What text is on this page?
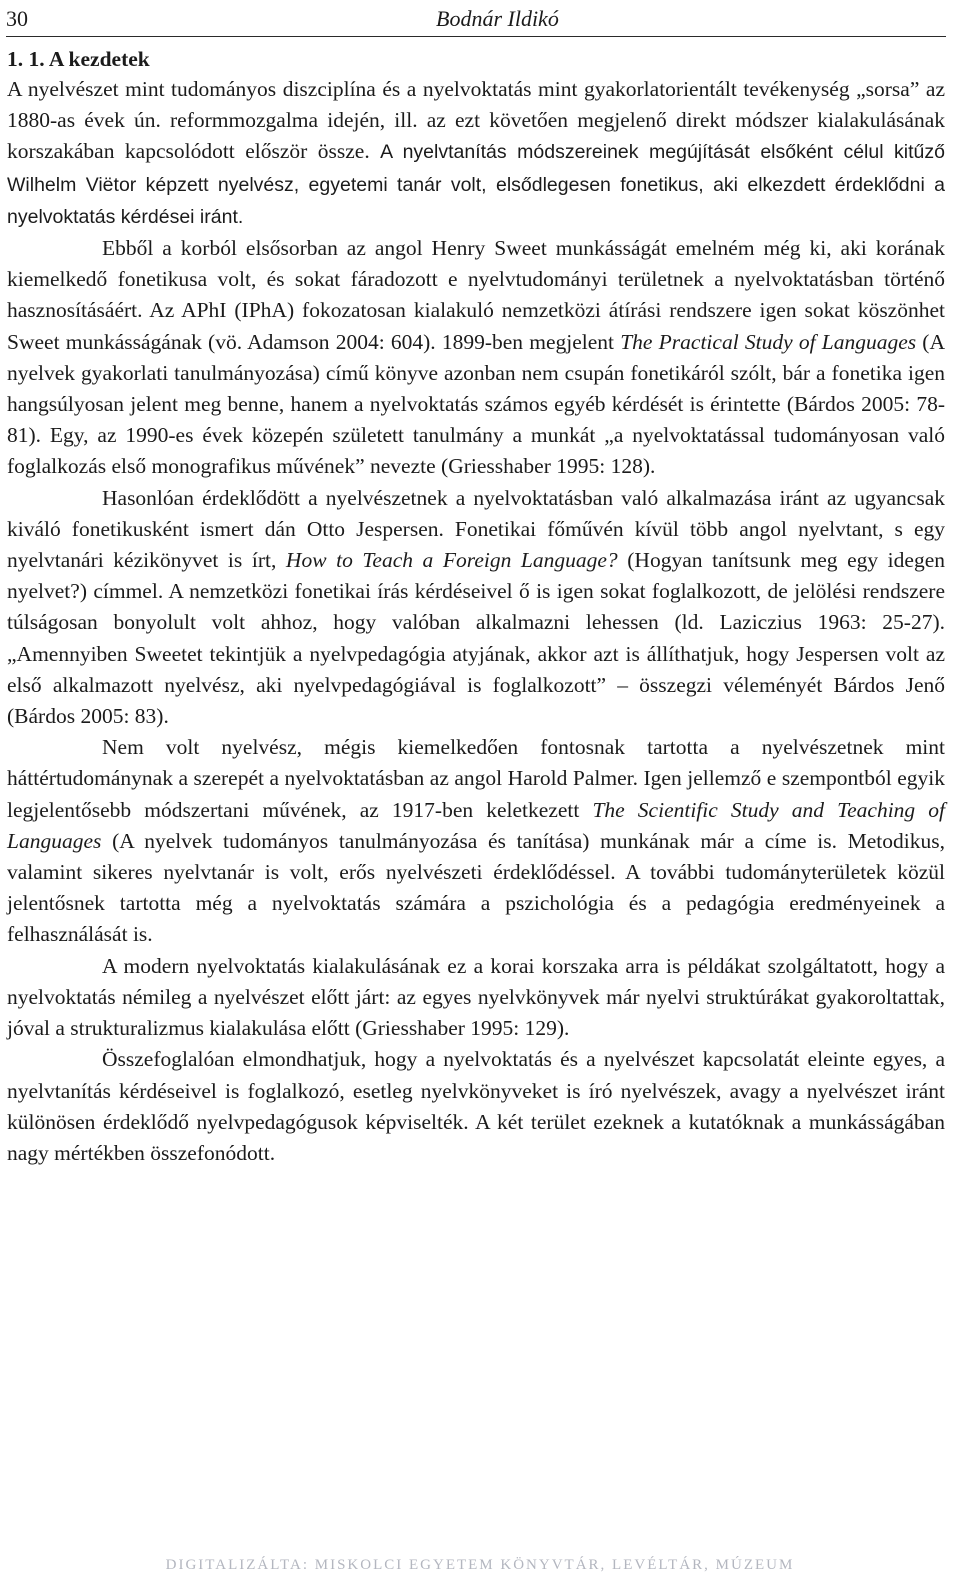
30	Bodnár Ildikó
1. 1. A kezdetek

A nyelvészet mint tudományos diszciplína és a nyelvoktatás mint gyakorlatorientált tevékenység „sorsa” az 1880-as évek ún. reformmozgalma idején, ill. az ezt követően megjelenő direkt módszer kialakulásának korszakában kapcsolódott először össze. A nyelvtanítás módszereinek megújítását elsőként célul kitűző Wilhelm Viëtor képzett nyelvész, egyetemi tanár volt, elsődlegesen fonetikus, aki elkezdett érdeklődni a nyelvoktatás kérdései iránt.

Ebből a korból elsősorban az angol Henry Sweet munkásságát emelném még ki, aki korának kiemelkedő fonetikusa volt, és sokat fáradozott e nyelvtudományi területnek a nyelvoktatásban történő hasznosításáért. Az APhI (IPhA) fokozatosan kialakuló nemzetközi átírási rendszere igen sokat köszönhet Sweet munkásságának (vö. Adamson 2004: 604). 1899-ben megjelent The Practical Study of Languages (A nyelvek gyakorlati tanulmányozása) című könyve azonban nem csupán fonetikáról szólt, bár a fonetika igen hangsúlyosan jelent meg benne, hanem a nyelvoktatás számos egyéb kérdését is érintette (Bárdos 2005: 78-81). Egy, az 1990-es évek közepén született tanulmány a munkát „a nyelvoktatással tudományosan való foglalkozás első monografikus művének” nevezte (Griesshaber 1995: 128).

Hasonlóan érdeklődött a nyelvészetnek a nyelvoktatásban való alkalmazása iránt az ugyancsak kiváló fonetikusként ismert dán Otto Jespersen. Fonetikai főművén kívül több angol nyelvtant, s egy nyelvtanári kézikönyvet is írt, How to Teach a Foreign Language? (Hogyan tanítsunk meg egy idegen nyelvet?) címmel. A nemzetközi fonetikai írás kérdéseivel ő is igen sokat foglalkozott, de jelölési rendszere túlságosan bonyolult volt ahhoz, hogy valóban alkalmazni lehessen (ld. Laziczius 1963: 25-27). „Amennyiben Sweetet tekintjük a nyelvpedagógia atyjának, akkor azt is állíthatjuk, hogy Jespersen volt az első alkalmazott nyelvész, aki nyelvpedagógiával is foglalkozott” – összegzi véleményét Bárdos Jenő (Bárdos 2005: 83).

Nem volt nyelvész, mégis kiemelkedően fontosnak tartotta a nyelvészetnek mint háttértudománynak a szerepét a nyelvoktatásban az angol Harold Palmer. Igen jellemző e szempontból egyik legjelentősebb módszertani művének, az 1917-ben keletkezett The Scientific Study and Teaching of Languages (A nyelvek tudományos tanulmányozása és tanítása) munkának már a címe is. Metodikus, valamint sikeres nyelvtanár is volt, erős nyelvészeti érdeklődéssel. A további tudományterületek közül jelentősnek tartotta még a nyelvoktatás számára a pszichológia és a pedagógia eredményeinek a felhasználását is.

A modern nyelvoktatás kialakulásának ez a korai korszaka arra is példákat szolgáltatott, hogy a nyelvoktatás némileg a nyelvészet előtt járt: az egyes nyelvkönyvek már nyelvi struktúrákat gyakoroltattak, jóval a strukturalizmus kialakulása előtt (Griesshaber 1995: 129).

Összefoglalóan elmondhatjuk, hogy a nyelvoktatás és a nyelvészet kapcsolatát eleinte egyes, a nyelvtanítás kérdéseivel is foglalkozó, esetleg nyelvkönyveket is író nyelvészek, avagy a nyelvészet iránt különösen érdeklődő nyelvpedagógusok képviselték. A két terület ezeknek a kutatóknak a munkásságában nagy mértékben összefonódott.

DIGITALIZÁLTA: MISKOLCI EGYETEM KÖNYVTÁR, LEVÉLTÁR, MÚZEUM
